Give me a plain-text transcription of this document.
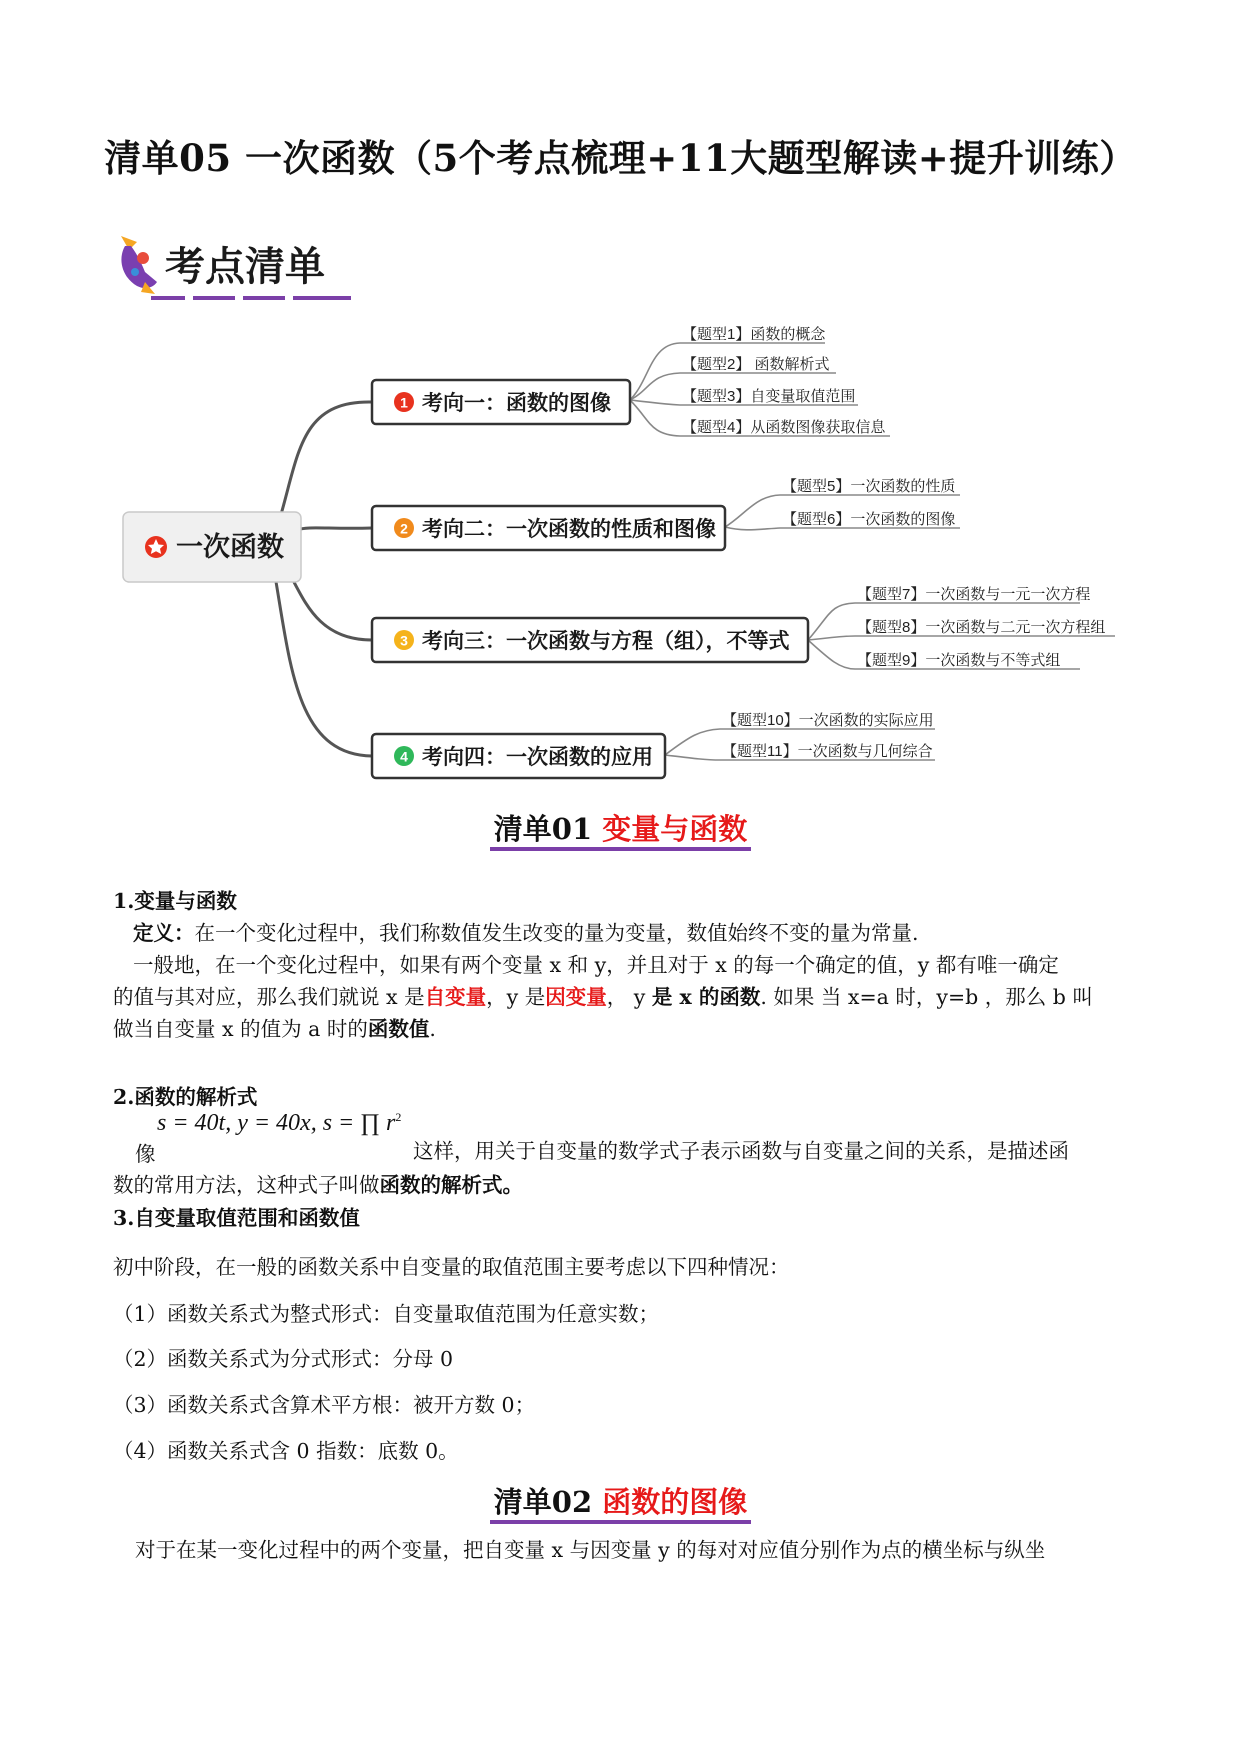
清单05 一次函数（5个考点梳理+11大题型解读+提升训练）
考点清单
一次函数
1 考向一：函数的图像
2 考向二：一次函数的性质和图像
3 考向三：一次函数与方程（组），不等式
4 考向四：一次函数的应用
【题型1】函数的概念
【题型2】 函数解析式
【题型3】自变量取值范围
【题型4】从函数图像获取信息
【题型5】一次函数的性质
【题型6】一次函数的图像
【题型7】一次函数与一元一次方程
【题型8】一次函数与二元一次方程组
【题型9】一次函数与不等式组
【题型10】一次函数的实际应用
【题型11】一次函数与几何综合
清单01 变量与函数
1.变量与函数
定义：在一个变化过程中，我们称数值发生改变的量为变量，数值始终不变的量为常量.
一般地，在一个变化过程中，如果有两个变量 x 和 y，并且对于 x 的每一个确定的值，y 都有唯一确定
的值与其对应，那么我们就说 x 是自变量，y 是因变量， y 是 x 的函数. 如果 当 x=a 时，y=b ，那么 b 叫
做当自变量 x 的值为 a 时的函数值.
2.函数的解析式
s = 40t, y = 40x, s = ∏ $r^2$
像	这样，用关于自变量的数学式子表示函数与自变量之间的关系，是描述函
数的常用方法，这种式子叫做函数的解析式。
3.自变量取值范围和函数值
初中阶段，在一般的函数关系中自变量的取值范围主要考虑以下四种情况：
（1）函数关系式为整式形式：自变量取值范围为任意实数；
（2）函数关系式为分式形式：分母 0
（3）函数关系式含算术平方根：被开方数 0；
（4）函数关系式含 0 指数：底数 0。
清单02 函数的图像
对于在某一变化过程中的两个变量，把自变量 x 与因变量 y 的每对对应值分别作为点的横坐标与纵坐
